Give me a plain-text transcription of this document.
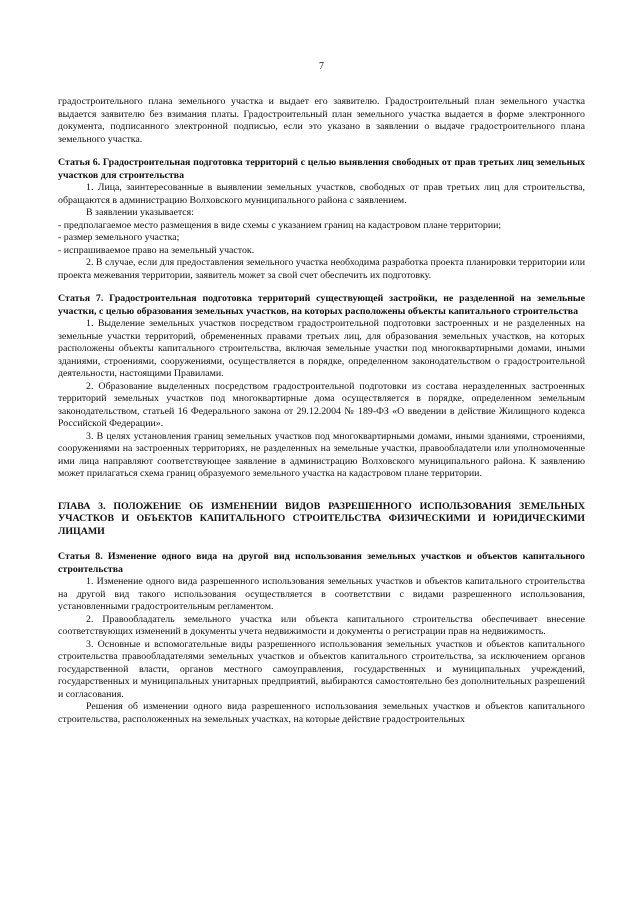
7

градостроительного плана земельного участка и выдает его заявителю. Градостроительный план земельного участка выдается заявителю без взимания платы. Градостроительный план земельного участка выдается в форме электронного документа, подписанного электронной подписью, если это указано в заявлении о выдаче градостроительного плана земельного участка.

Статья 6. Градостроительная подготовка территорий с целью выявления свободных от прав третьих лиц земельных участков для строительства

1. Лица, заинтересованные в выявлении земельных участков, свободных от прав третьих лиц для строительства, обращаются в администрацию Волховского муниципального района с заявлением.

В заявлении указывается:

- предполагаемое место размещения в виде схемы с указанием границ на кадастровом плане территории;

- размер земельного участка;

- испрашиваемое право на земельный участок.

2. В случае, если для предоставления земельного участка необходима разработка проекта планировки территории или проекта межевания территории, заявитель может за свой счет обеспечить их подготовку.

Статья 7. Градостроительная подготовка территорий существующей застройки, не разделенной на земельные участки, с целью образования земельных участков, на которых расположены объекты капитального строительства

1. Выделение земельных участков посредством градостроительной подготовки застроенных и не разделенных на земельные участки территорий, обремененных правами третьих лиц, для образования земельных участков, на которых расположены объекты капитального строительства, включая земельные участки под многоквартирными домами, иными зданиями, строениями, сооружениями, осуществляется в порядке, определенном законодательством о градостроительной деятельности, настоящими Правилами.

2. Образование выделенных посредством градостроительной подготовки из состава неразделенных застроенных территорий земельных участков под многоквартирные дома осуществляется в порядке, определенном земельным законодательством, статьей 16 Федерального закона от 29.12.2004 № 189-ФЗ «О введении в действие Жилищного кодекса Российской Федерации».

3. В целях установления границ земельных участков под многоквартирными домами, иными зданиями, строениями, сооружениями на застроенных территориях, не разделенных на земельные участки, правообладатели или уполномоченные ими лица направляют соответствующее заявление в администрацию Волховского муниципального района. К заявлению может прилагаться схема границ образуемого земельного участка на кадастровом плане территории.

ГЛАВА 3. ПОЛОЖЕНИЕ ОБ ИЗМЕНЕНИИ ВИДОВ РАЗРЕШЕННОГО ИСПОЛЬЗОВАНИЯ ЗЕМЕЛЬНЫХ УЧАСТКОВ И ОБЪЕКТОВ КАПИТАЛЬНОГО СТРОИТЕЛЬСТВА ФИЗИЧЕСКИМИ И ЮРИДИЧЕСКИМИ ЛИЦАМИ
Статья 8. Изменение одного вида на другой вид использования земельных участков и объектов капитального строительства

1. Изменение одного вида разрешенного использования земельных участков и объектов капитального строительства на другой вид такого использования осуществляется в соответствии с видами разрешенного использования, установленными градостроительным регламентом.

2. Правообладатель земельного участка или объекта капитального строительства обеспечивает внесение соответствующих изменений в документы учета недвижимости и документы о регистрации прав на недвижимость.

3. Основные и вспомогательные виды разрешенного использования земельных участков и объектов капитального строительства правообладателями земельных участков и объектов капитального строительства, за исключением органов государственной власти, органов местного самоуправления, государственных и муниципальных учреждений, государственных и муниципальных унитарных предприятий, выбираются самостоятельно без дополнительных разрешений и согласования.

Решения об изменении одного вида разрешенного использования земельных участков и объектов капитального строительства, расположенных на земельных участках, на которые действие градостроительных
